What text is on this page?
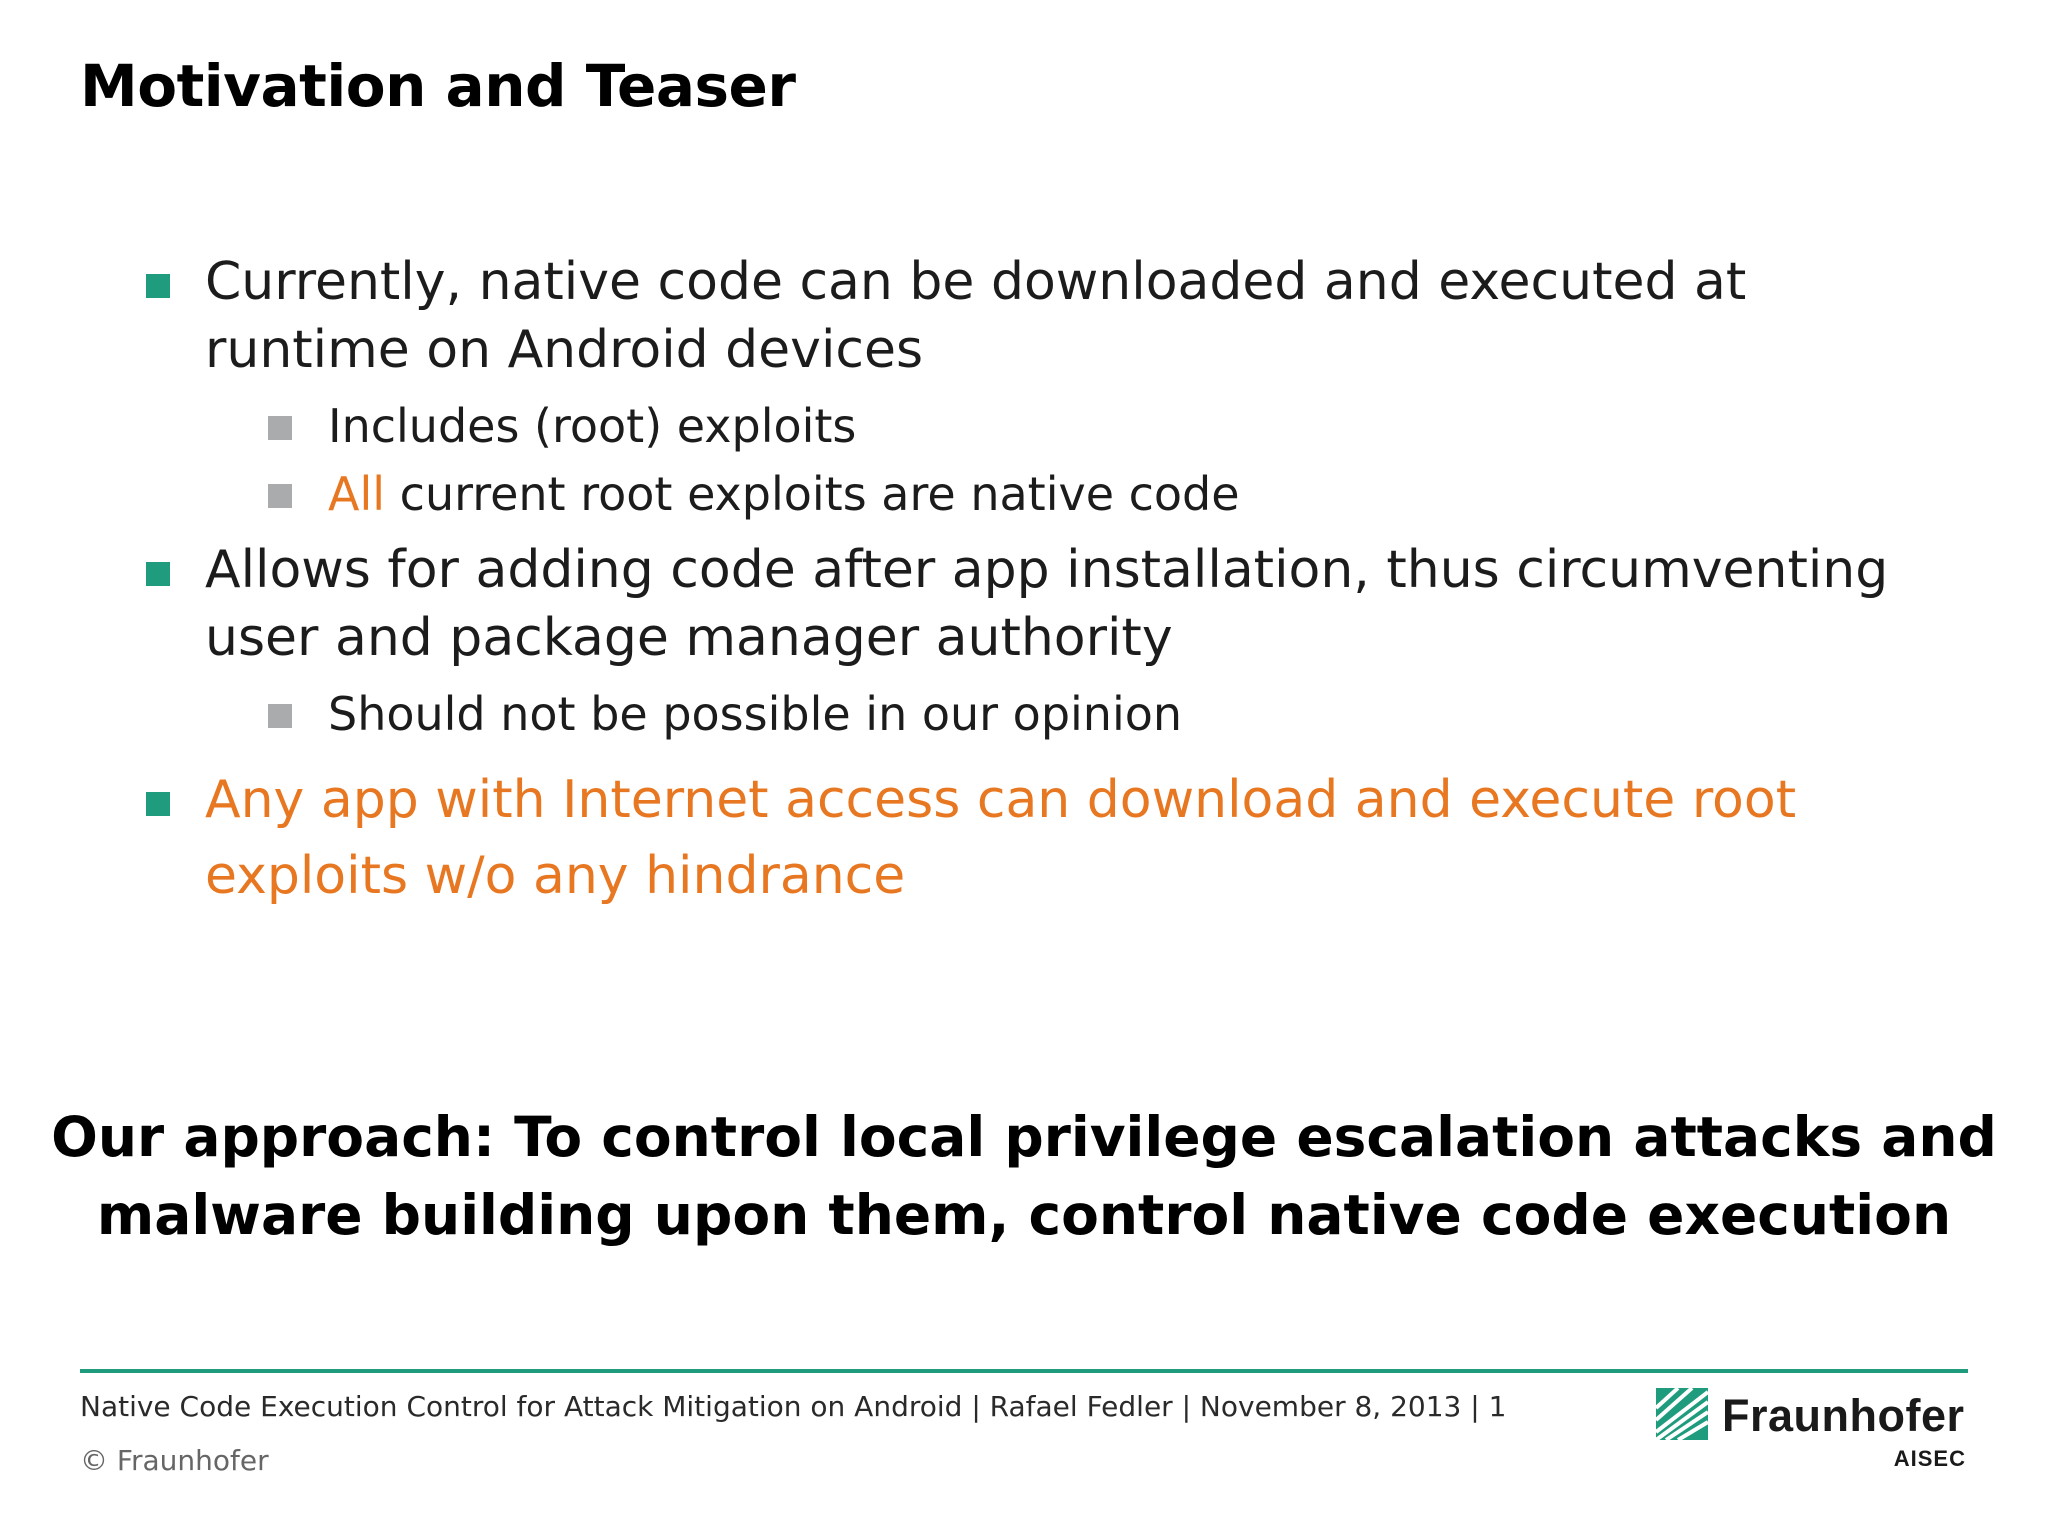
Motivation and Teaser
Currently, native code can be downloaded and executed at runtime on Android devices
Includes (root) exploits
All current root exploits are native code
Allows for adding code after app installation, thus circumventing user and package manager authority
Should not be possible in our opinion
Any app with Internet access can download and execute root exploits w/o any hindrance
Our approach: To control local privilege escalation attacks and
malware building upon them, control native code execution
Native Code Execution Control for Attack Mitigation on Android | Rafael Fedler | November 8, 2013 | 1
© Fraunhofer
Fraunhofer
AISEC
